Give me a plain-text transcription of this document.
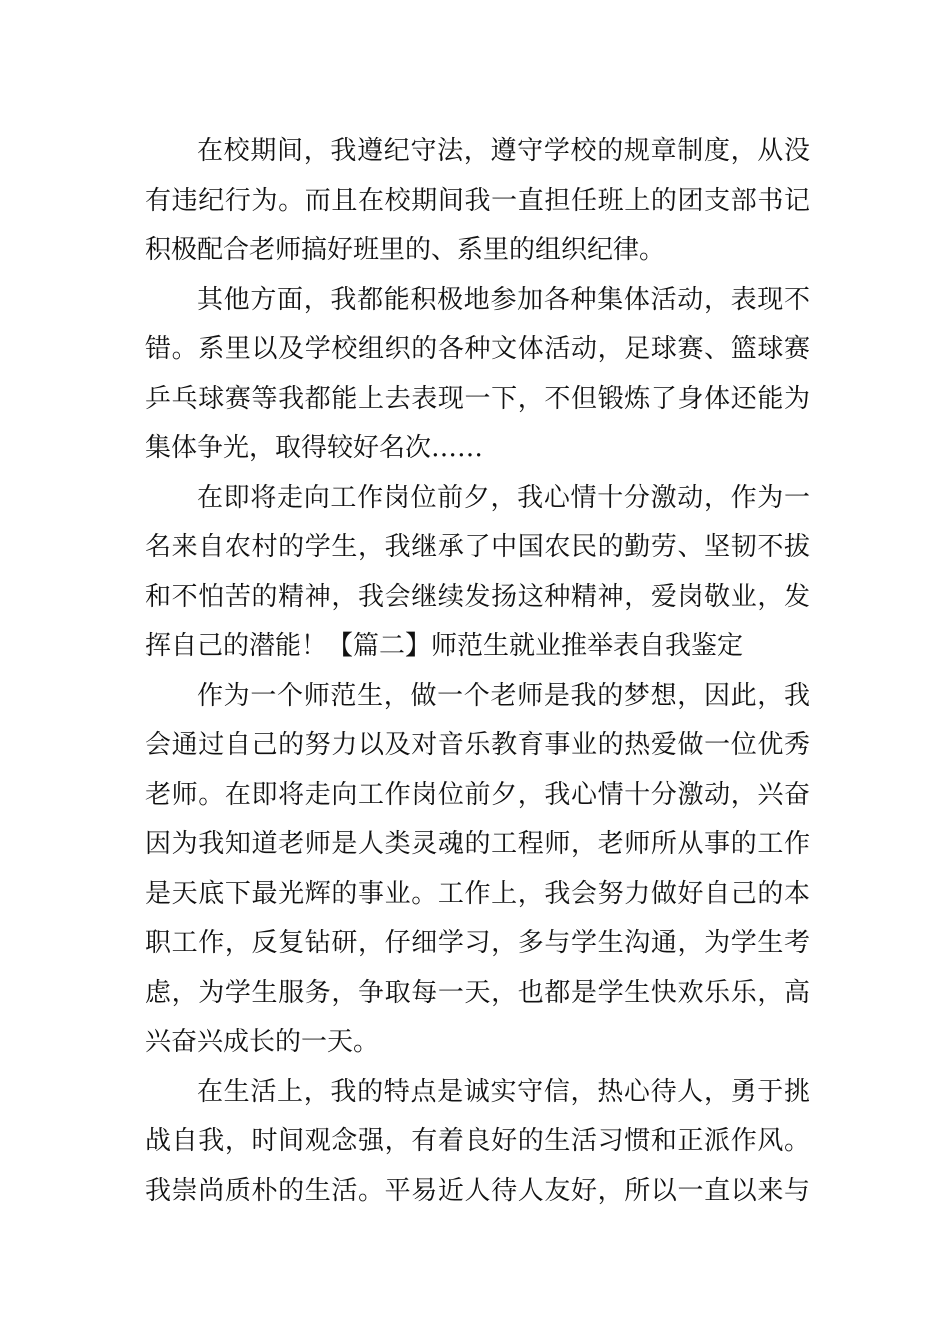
在校期间，我遵纪守法，遵守学校的规章制度，从没
有违纪行为。而且在校期间我一直担任班上的团支部书记
积极配合老师搞好班里的、系里的组织纪律。
其他方面，我都能积极地参加各种集体活动，表现不
错。系里以及学校组织的各种文体活动，足球赛、篮球赛
乒乓球赛等我都能上去表现一下，不但锻炼了身体还能为
集体争光，取得较好名次……
在即将走向工作岗位前夕，我心情十分激动，作为一
名来自农村的学生，我继承了中国农民的勤劳、坚韧不拔
和不怕苦的精神，我会继续发扬这种精神，爱岗敬业，发
挥自己的潜能！【篇二】师范生就业推举表自我鉴定
作为一个师范生，做一个老师是我的梦想，因此，我
会通过自己的努力以及对音乐教育事业的热爱做一位优秀
老师。在即将走向工作岗位前夕，我心情十分激动，兴奋
因为我知道老师是人类灵魂的工程师，老师所从事的工作
是天底下最光辉的事业。工作上，我会努力做好自己的本
职工作，反复钻研，仔细学习，多与学生沟通，为学生考
虑，为学生服务，争取每一天，也都是学生快欢乐乐，高
兴奋兴成长的一天。
在生活上，我的特点是诚实守信，热心待人，勇于挑
战自我，时间观念强，有着良好的生活习惯和正派作风。
我崇尚质朴的生活。平易近人待人友好，所以一直以来与
